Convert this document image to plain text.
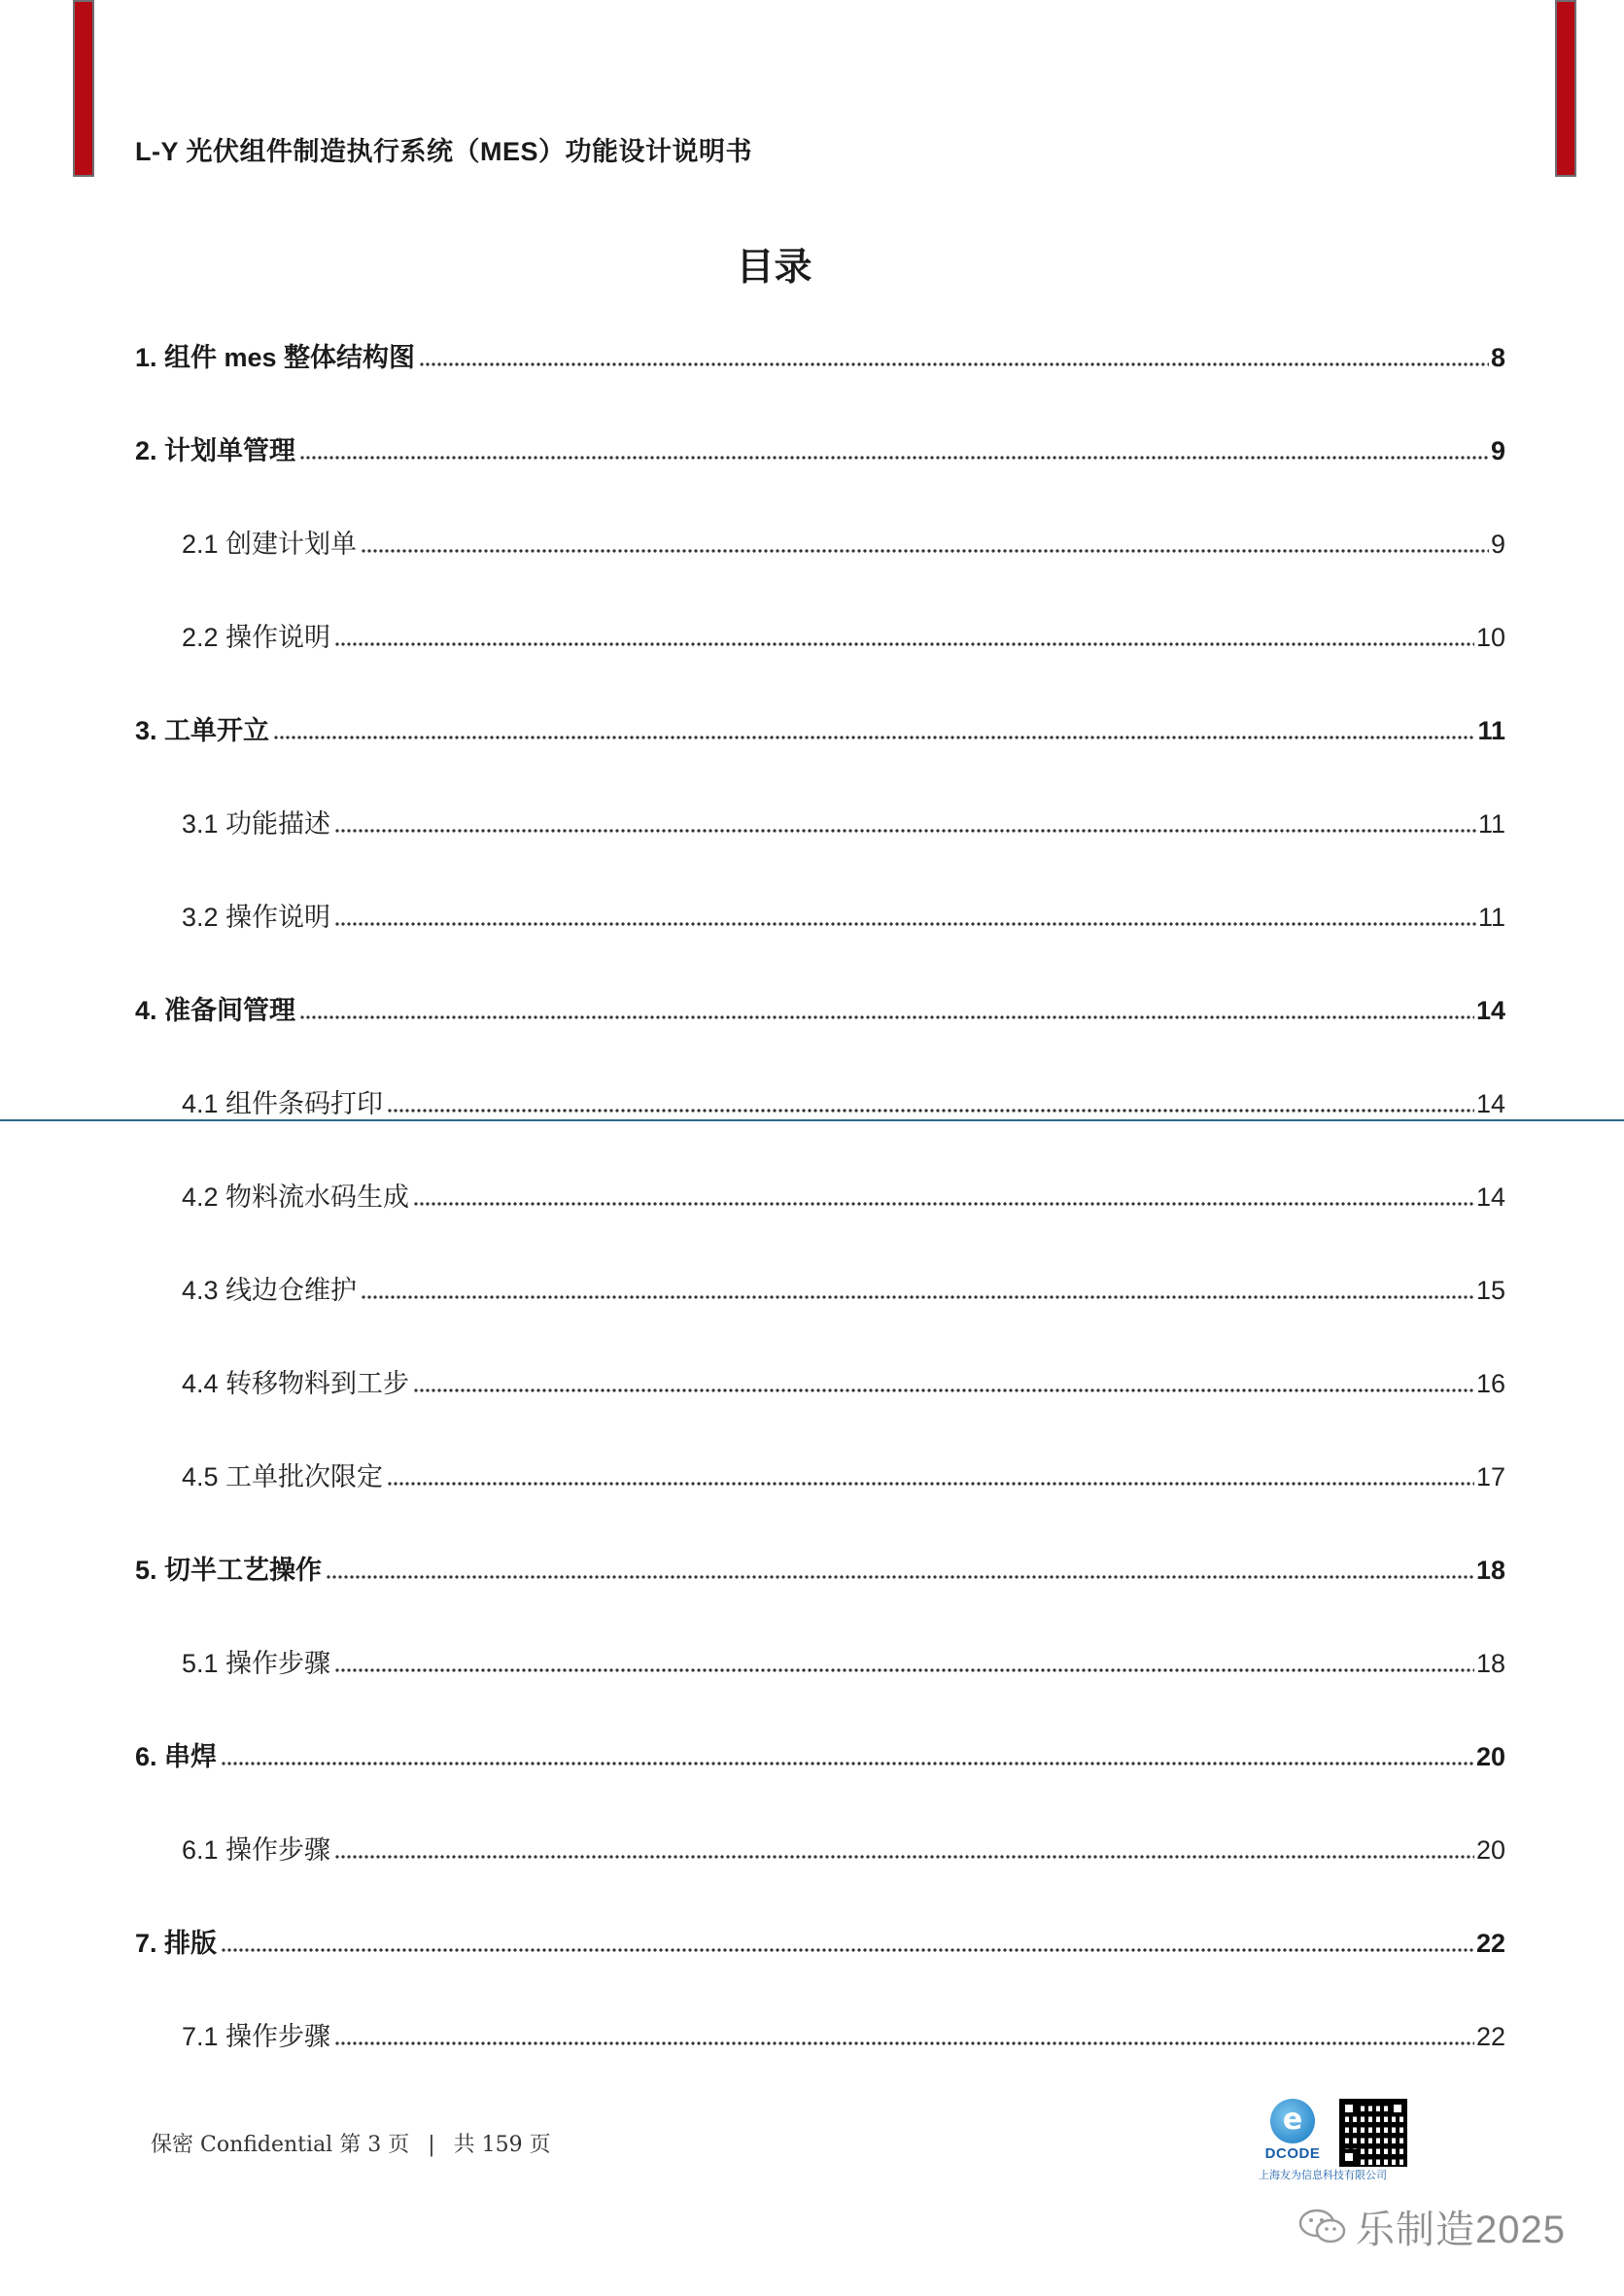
L-Y 光伏组件制造执行系统（MES）功能设计说明书
目录
1. 组件 mes 整体结构图	8
2. 计划单管理	9
2.1 创建计划单	9
2.2 操作说明	10
3. 工单开立	11
3.1 功能描述	11
3.2 操作说明	11
4. 准备间管理	14
4.1 组件条码打印	14
4.2 物料流水码生成	14
4.3 线边仓维护	15
4.4 转移物料到工步	16
4.5 工单批次限定	17
5. 切半工艺操作	18
5.1 操作步骤	18
6. 串焊	20
6.1 操作步骤	20
7. 排版	22
7.1 操作步骤	22
保密 Confidential 第 3 页 | 共 159 页
e
DCODE
上海友为信息科技有限公司
乐制造2025
